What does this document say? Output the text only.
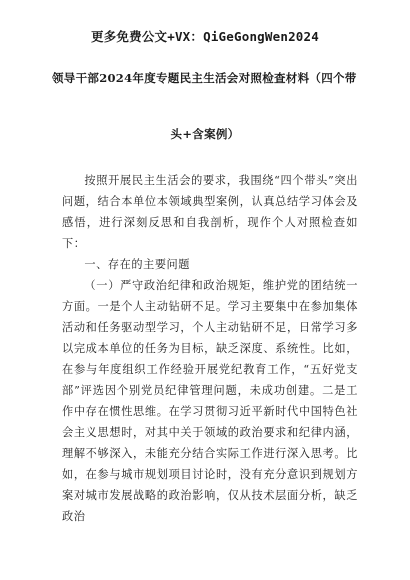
更多免费公文+VX：QiGeGongWen2024
领导干部2024年度专题民主生活会对照检查材料（四个带
头+含案例）

按照开展民主生活会的要求，我围绕“四个带头”突出问题，结合本单位本领域典型案例，认真总结学习体会及感悟，进行深刻反思和自我剖析，现作个人对照检查如下：

一、存在的主要问题

（一）严守政治纪律和政治规矩，维护党的团结统一方面。一是个人主动钻研不足。学习主要集中在参加集体活动和任务驱动型学习，个人主动钻研不足，日常学习多以完成本单位的任务为目标，缺乏深度、系统性。比如，在参与年度组织工作经验开展党纪教育工作，“五好党支部”评选因个别党员纪律管理问题，未成功创建。二是工作中存在惯性思维。在学习贯彻习近平新时代中国特色社会主义思想时，对其中关于领域的政治要求和纪律内涵，理解不够深入，未能充分结合实际工作进行深入思考。比如，在参与城市规划项目讨论时，没有充分意识到规划方案对城市发展战略的政治影响，仅从技术层面分析，缺乏政治
